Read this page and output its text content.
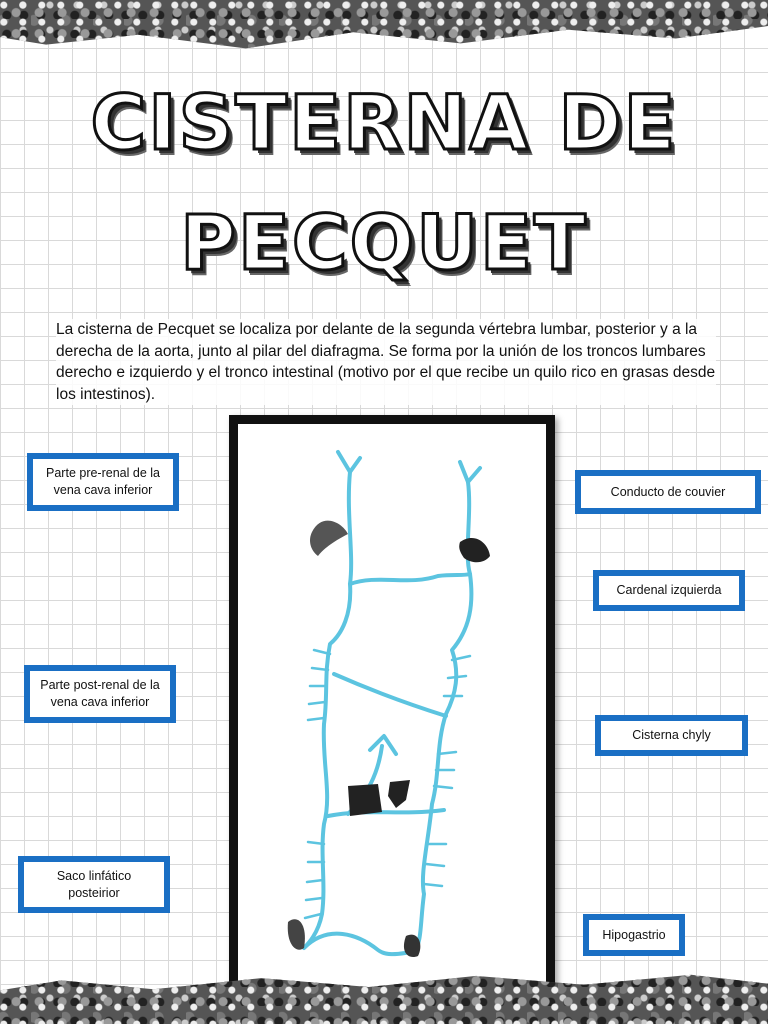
CISTERNA DE
PECQUET

La cisterna de Pecquet se localiza por delante de la segunda vértebra lumbar, posterior y a la derecha de la aorta, junto al pilar del diafragma. Se forma por la unión de los troncos lumbares derecho e izquierdo y el tronco intestinal (motivo por el que recibe un quilo rico en grasas desde los intestinos).

Parte pre-renal de la vena cava inferior
Parte post-renal de la vena cava inferior
Saco linfático posteirior
Conducto de couvier
Cardenal izquierda
Cisterna chyly
Hipogastrio
